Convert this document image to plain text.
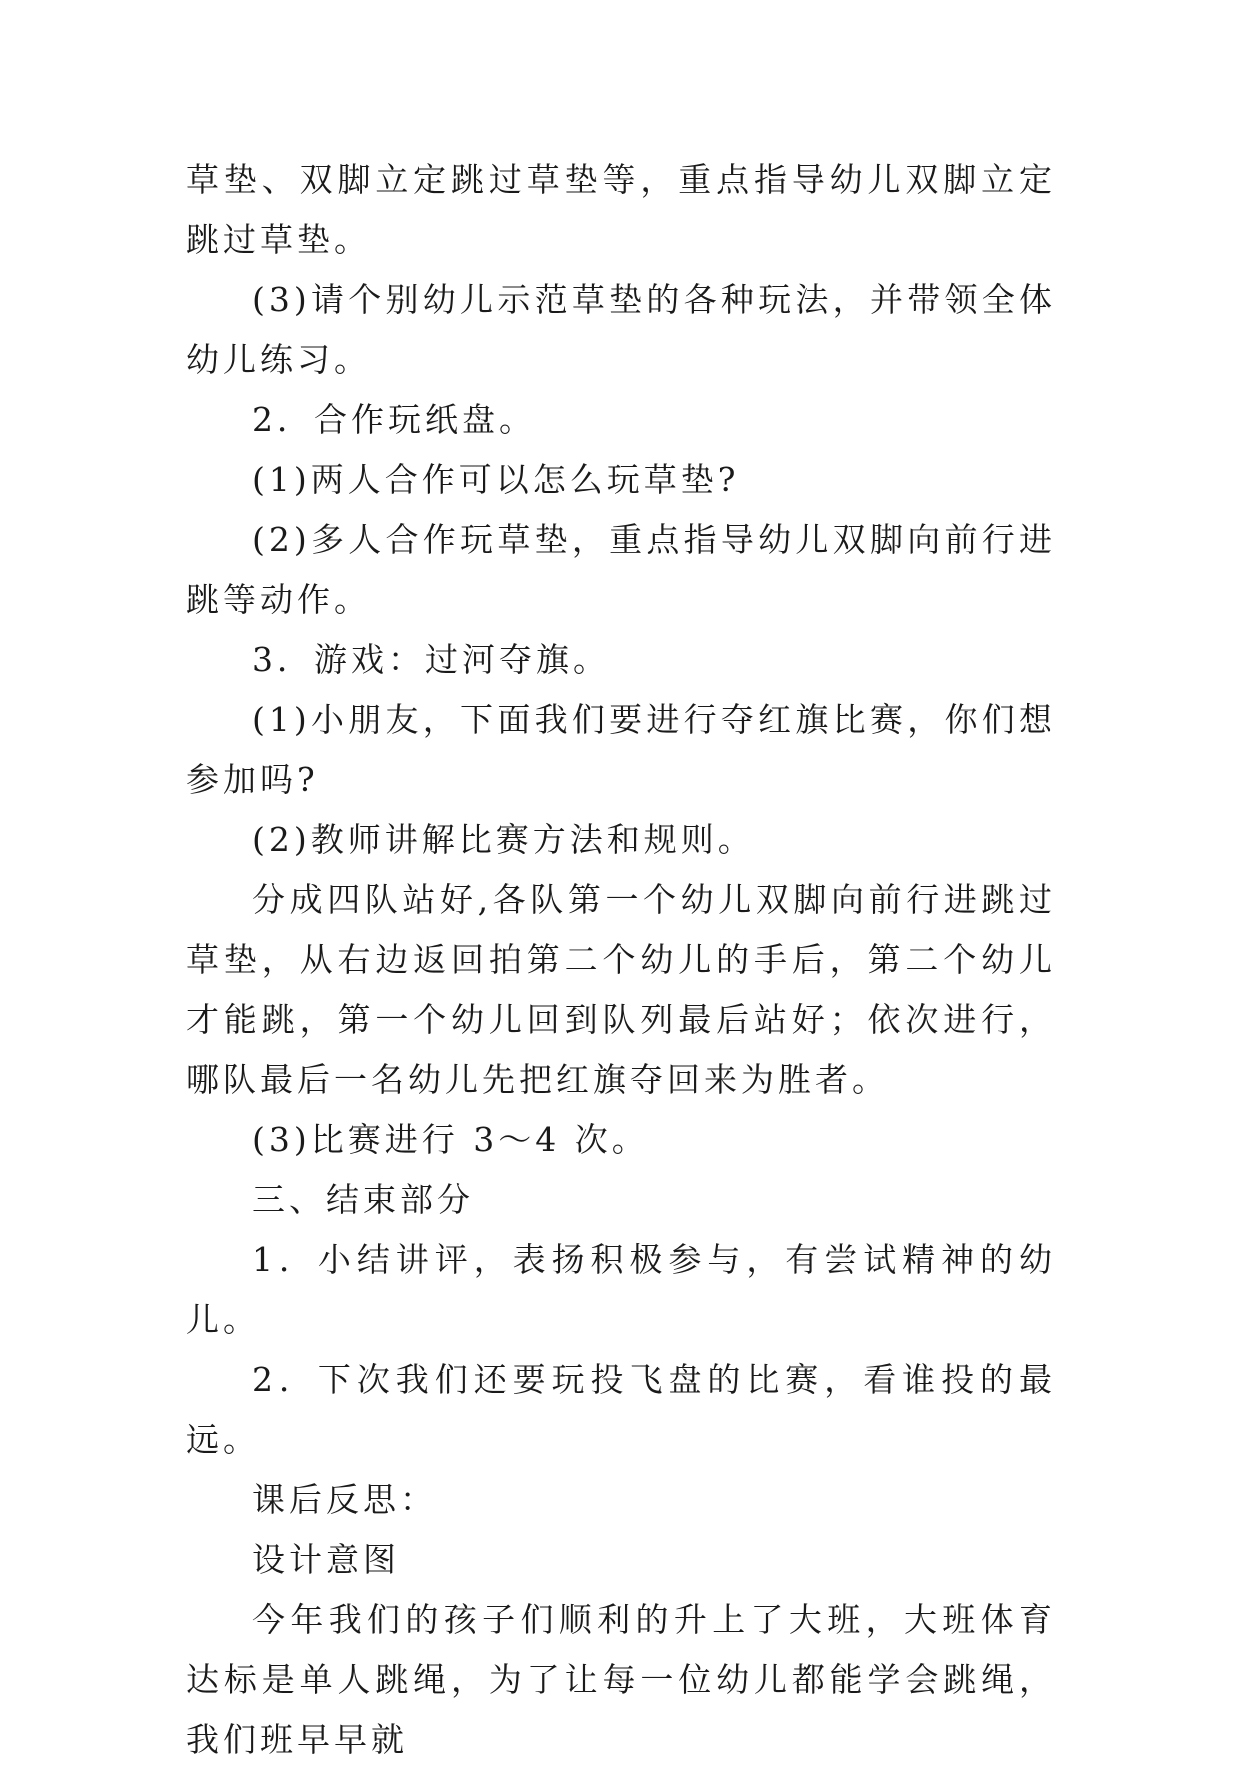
草垫、双脚立定跳过草垫等，重点指导幼儿双脚立定跳过草垫。

(3)请个别幼儿示范草垫的各种玩法，并带领全体幼儿练习。

2．合作玩纸盘。

(1)两人合作可以怎么玩草垫?

(2)多人合作玩草垫，重点指导幼儿双脚向前行进跳等动作。

3．游戏：过河夺旗。

(1)小朋友，下面我们要进行夺红旗比赛，你们想参加吗?

(2)教师讲解比赛方法和规则。

分成四队站好,各队第一个幼儿双脚向前行进跳过草垫，从右边返回拍第二个幼儿的手后，第二个幼儿才能跳，第一个幼儿回到队列最后站好；依次进行，哪队最后一名幼儿先把红旗夺回来为胜者。

(3)比赛进行 3～4 次。

三、结束部分

1．小结讲评，表扬积极参与，有尝试精神的幼儿。

2．下次我们还要玩投飞盘的比赛，看谁投的最远。

课后反思：

设计意图

今年我们的孩子们顺利的升上了大班，大班体育达标是单人跳绳，为了让每一位幼儿都能学会跳绳，我们班早早就
